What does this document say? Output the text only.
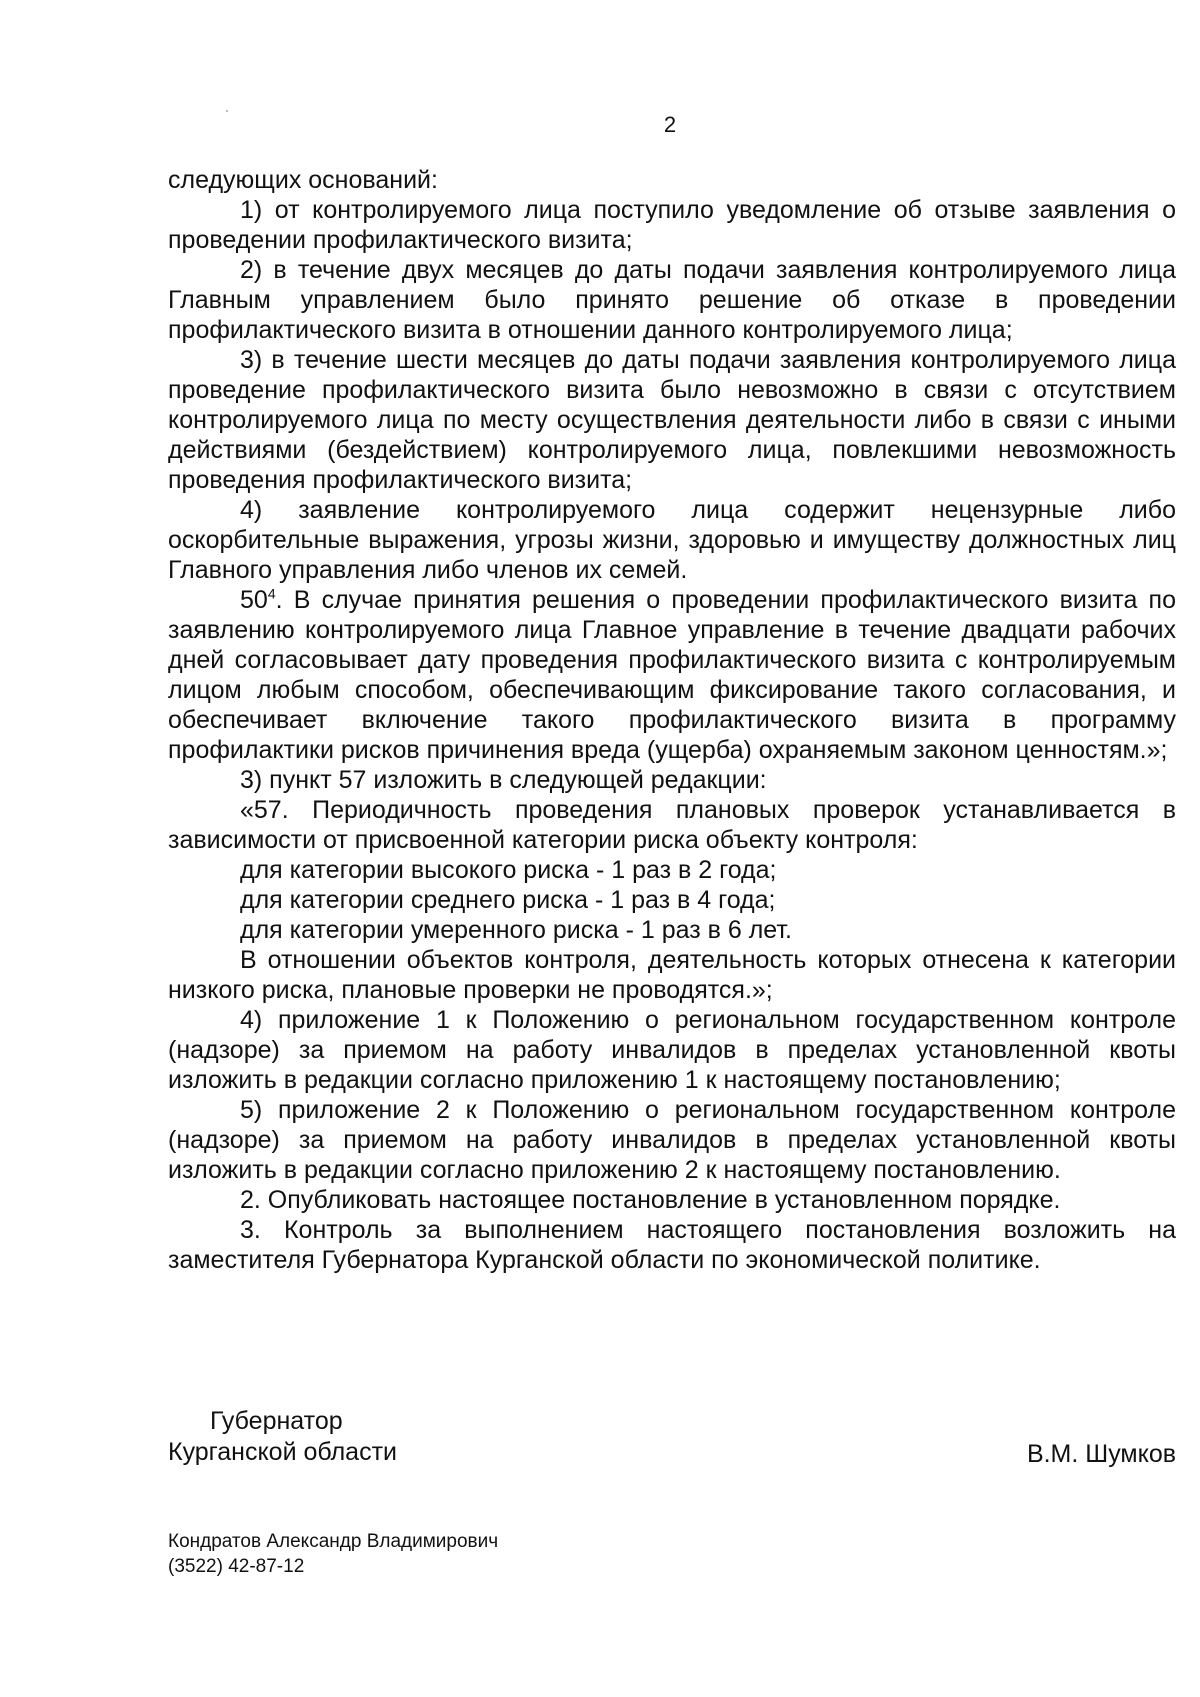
2

следующих оснований:

1) от контролируемого лица поступило уведомление об отзыве заявления о проведении профилактического визита;

2) в течение двух месяцев до даты подачи заявления контролируемого лица Главным управлением было принято решение об отказе в проведении профилактического визита в отношении данного контролируемого лица;

3) в течение шести месяцев до даты подачи заявления контролируемого лица проведение профилактического визита было невозможно в связи с отсутствием контролируемого лица по месту осуществления деятельности либо в связи с иными действиями (бездействием) контролируемого лица, повлекшими невозможность проведения профилактического визита;

4) заявление контролируемого лица содержит нецензурные либо оскорбительные выражения, угрозы жизни, здоровью и имуществу должностных лиц Главного управления либо членов их семей.

$50^4$. В случае принятия решения о проведении профилактического визита по заявлению контролируемого лица Главное управление в течение двадцати рабочих дней согласовывает дату проведения профилактического визита с контролируемым лицом любым способом, обеспечивающим фиксирование такого согласования, и обеспечивает включение такого профилактического визита в программу профилактики рисков причинения вреда (ущерба) охраняемым законом ценностям.»;

3) пункт 57 изложить в следующей редакции:

«57. Периодичность проведения плановых проверок устанавливается в зависимости от присвоенной категории риска объекту контроля:

для категории высокого риска - 1 раз в 2 года;

для категории среднего риска - 1 раз в 4 года;

для категории умеренного риска - 1 раз в 6 лет.

В отношении объектов контроля, деятельность которых отнесена к категории низкого риска, плановые проверки не проводятся.»;

4) приложение 1 к Положению о региональном государственном контроле (надзоре) за приемом на работу инвалидов в пределах установленной квоты изложить в редакции согласно приложению 1 к настоящему постановлению;

5) приложение 2 к Положению о региональном государственном контроле (надзоре) за приемом на работу инвалидов в пределах установленной квоты изложить в редакции согласно приложению 2 к настоящему постановлению.

2. Опубликовать настоящее постановление в установленном порядке.

3. Контроль за выполнением настоящего постановления возложить на заместителя Губернатора Курганской области по экономической политике.

Губернатор
Курганской области	В.М. Шумков
Кондратов Александр Владимирович
(3522) 42-87-12
